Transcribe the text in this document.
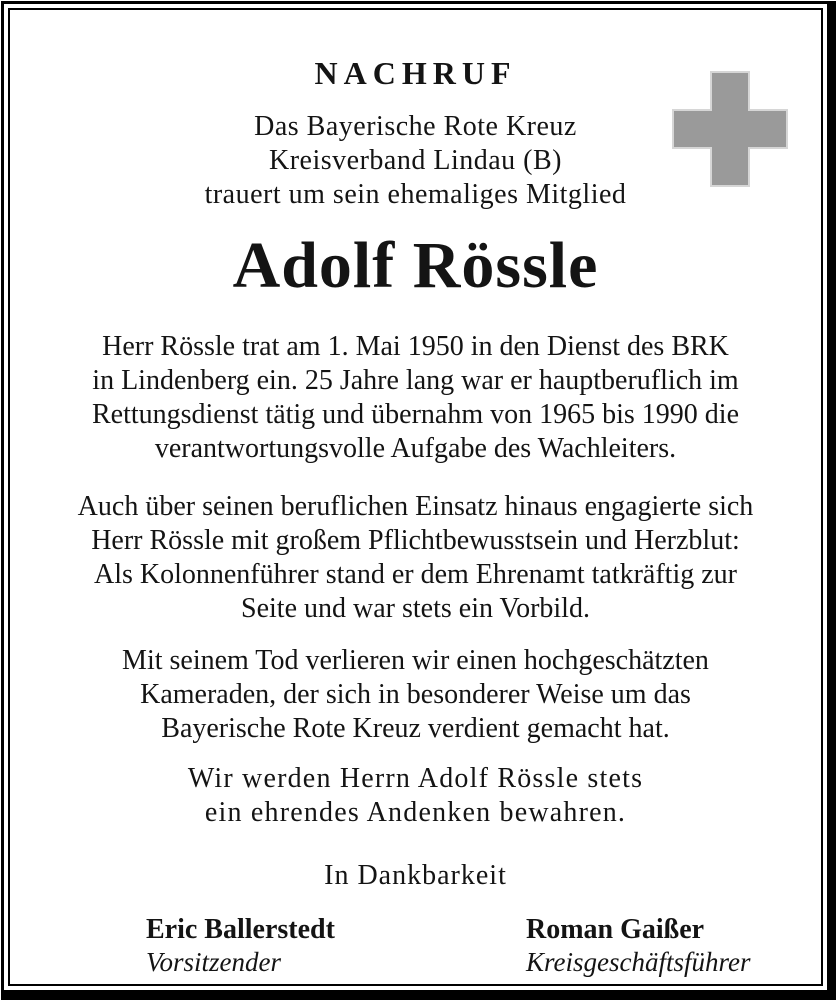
NACHRUF
Das Bayerische Rote Kreuz
Kreisverband Lindau (B)
trauert um sein ehemaliges Mitglied
Adolf Rössle
Herr Rössle trat am 1. Mai 1950 in den Dienst des BRK
in Lindenberg ein. 25 Jahre lang war er hauptberuflich im
Rettungsdienst tätig und übernahm von 1965 bis 1990 die
verantwortungsvolle Aufgabe des Wachleiters.
Auch über seinen beruflichen Einsatz hinaus engagierte sich
Herr Rössle mit großem Pflichtbewusstsein und Herzblut:
Als Kolonnenführer stand er dem Ehrenamt tatkräftig zur
Seite und war stets ein Vorbild.
Mit seinem Tod verlieren wir einen hochgeschätzten
Kameraden, der sich in besonderer Weise um das
Bayerische Rote Kreuz verdient gemacht hat.
Wir werden Herrn Adolf Rössle stets
ein ehrendes Andenken bewahren.
In Dankbarkeit
Eric Ballerstedt
Vorsitzender
Roman Gaißer
Kreisgeschäftsführer
